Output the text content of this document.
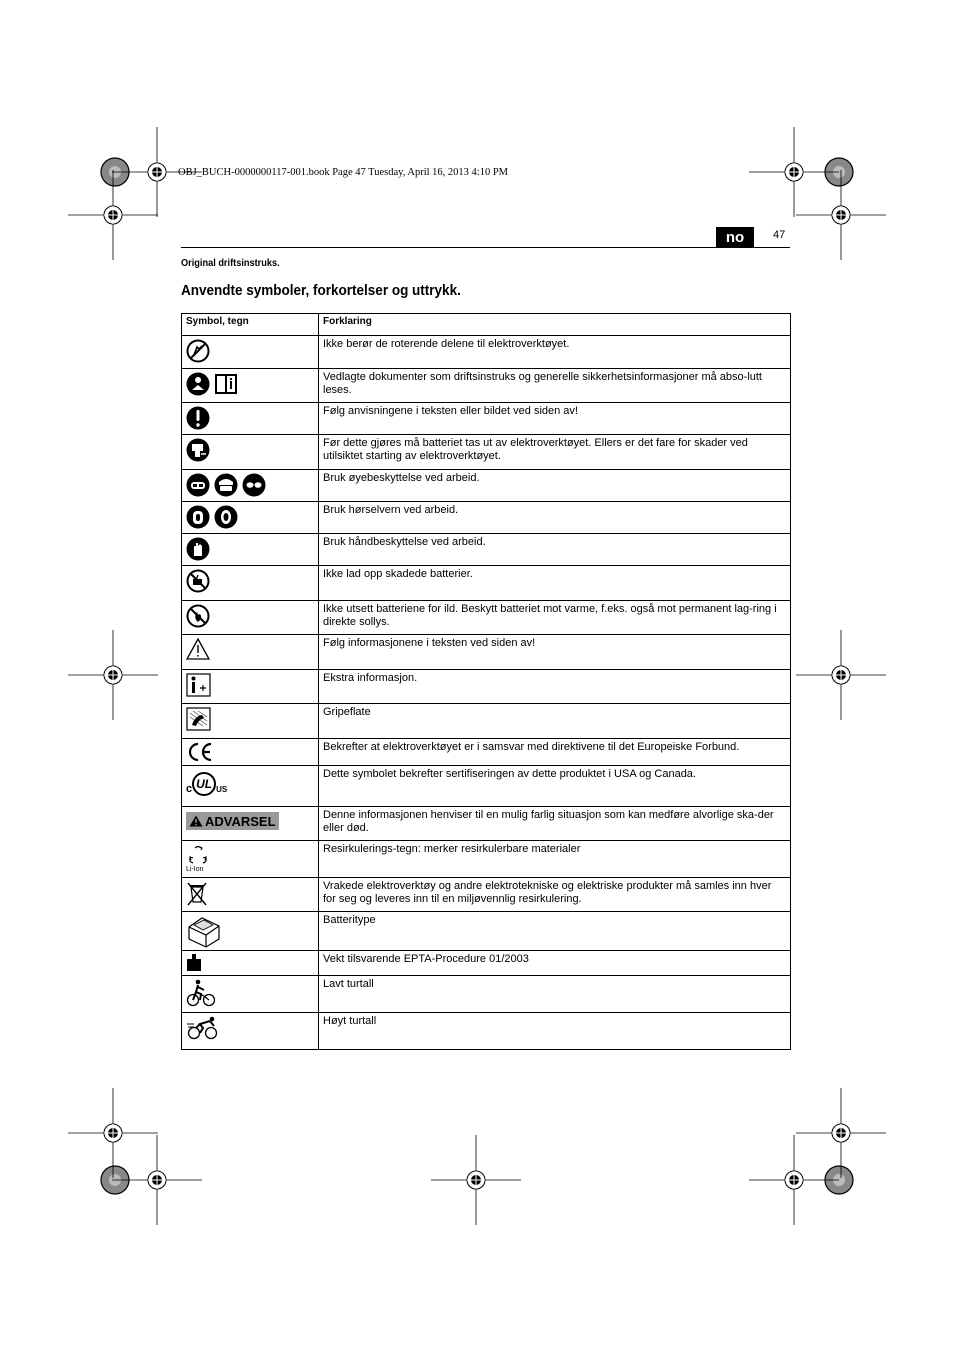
OBJ_BUCH-0000000117-001.book Page 47 Tuesday, April 16, 2013 4:10 PM
no	47
Original driftsinstruks.
Anvendte symboler, forkortelser og uttrykk.
Symbol, tegn	Forklaring

	Ikke berør de roterende delene til elektroverktøyet.

	Vedlagte dokumenter som driftsinstruks og generelle sikkerhetsinformasjoner må abso-lutt leses.

	Følg anvisningene i teksten eller bildet ved siden av!

	Før dette gjøres må batteriet tas ut av elektroverktøyet. Ellers er det fare for skader ved utilsiktet starting av elektroverktøyet.

	Bruk øyebeskyttelse ved arbeid.

	Bruk hørselvern ved arbeid.

	Bruk håndbeskyttelse ved arbeid.

	Ikke lad opp skadede batterier.

	Ikke utsett batteriene for ild. Beskytt batteriet mot varme, f.eks. også mot permanent lag-ring i direkte sollys.

	Følg informasjonene i teksten ved siden av!

	Ekstra informasjon.

	Gripeflate

	Bekrefter at elektroverktøyet er i samsvar med direktivene til det Europeiske Forbund.

c UL US	Dette symbolet bekrefter sertifiseringen av dette produktet i USA og Canada.

ADVARSEL	Denne informasjonen henviser til en mulig farlig situasjon som kan medføre alvorlige ska-der eller død.

Li-Ion	Resirkulerings-tegn: merker resirkulerbare materialer

	Vrakede elektroverktøy og andre elektrotekniske og elektriske produkter må samles inn hver for seg og leveres inn til en miljøvennlig resirkulering.

	Batteritype

	Vekt tilsvarende EPTA-Procedure 01/2003

	Lavt turtall

	Høyt turtall
